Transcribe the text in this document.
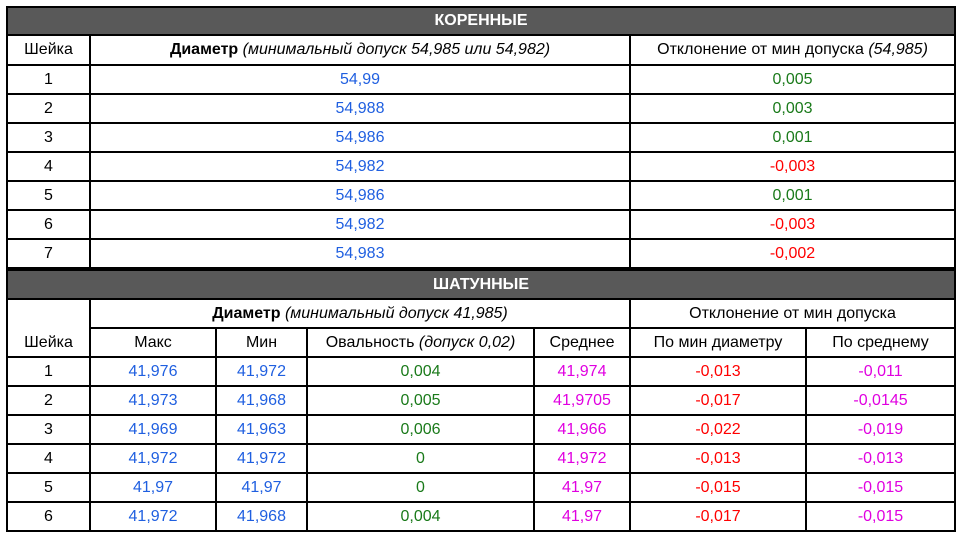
КОРЕННЫЕ		
Шейка	Диаметр (минимальный допуск 54,985 или 54,982)	Отклонение от мин допуска (54,985)
1	54,99	0,005
2	54,988	0,003
3	54,986	0,001
4	54,982	-0,003
5	54,986	0,001
6	54,982	-0,003
7	54,983	-0,002
ШАТУННЫЕ						
Шейка	Диаметр (минимальный допуск 41,985)				Отклонение от мин допуска	
	Макс	Мин	Овальность (допуск 0,02)	Среднее	По мин диаметру	По среднему
1	41,976	41,972	0,004	41,974	-0,013	-0,011
2	41,973	41,968	0,005	41,9705	-0,017	-0,0145
3	41,969	41,963	0,006	41,966	-0,022	-0,019
4	41,972	41,972	0	41,972	-0,013	-0,013
5	41,97	41,97	0	41,97	-0,015	-0,015
6	41,972	41,968	0,004	41,97	-0,017	-0,015
